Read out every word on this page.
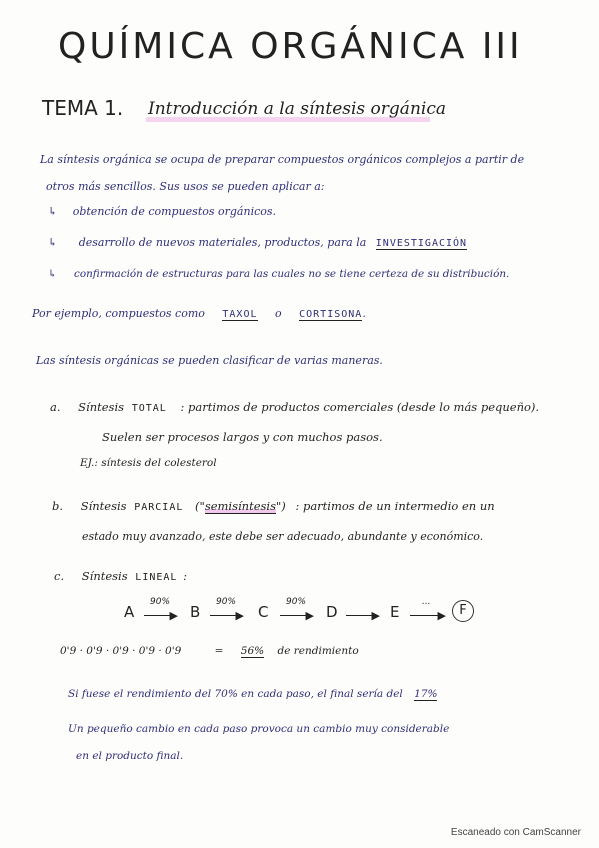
QUÍMICA ORGÁNICA III
TEMA 1. Introducción a la síntesis orgánica
La síntesis orgánica se ocupa de preparar compuestos orgánicos complejos a partir de
otros más sencillos. Sus usos se pueden aplicar a:
↳ obtención de compuestos orgánicos.
↳ desarrollo de nuevos materiales, productos, para la INVESTIGACIÓN
↳ confirmación de estructuras para las cuales no se tiene certeza de su distribución.
Por ejemplo, compuestos como TAXOL o CORTISONA.
Las síntesis orgánicas se pueden clasificar de varias maneras.
a. Síntesis TOTAL : partimos de productos comerciales (desde lo más pequeño).
Suelen ser procesos largos y con muchos pasos.
EJ.: síntesis del colesterol
b. Síntesis PARCIAL ("semisíntesis") : partimos de un intermedio en un
estado muy avanzado, este debe ser adecuado, abundante y económico.
c. Síntesis LINEAL :
A
90%
▶ B
90%
▶ C
90%
▶ D	▶ E
...
▶	F
0'9 · 0'9 · 0'9 · 0'9 · 0'9	= 56% de rendimiento
Si fuese el rendimiento del 70% en cada paso, el final sería del 17%
Un pequeño cambio en cada paso provoca un cambio muy considerable
en el producto final.
Escaneado con CamScanner
